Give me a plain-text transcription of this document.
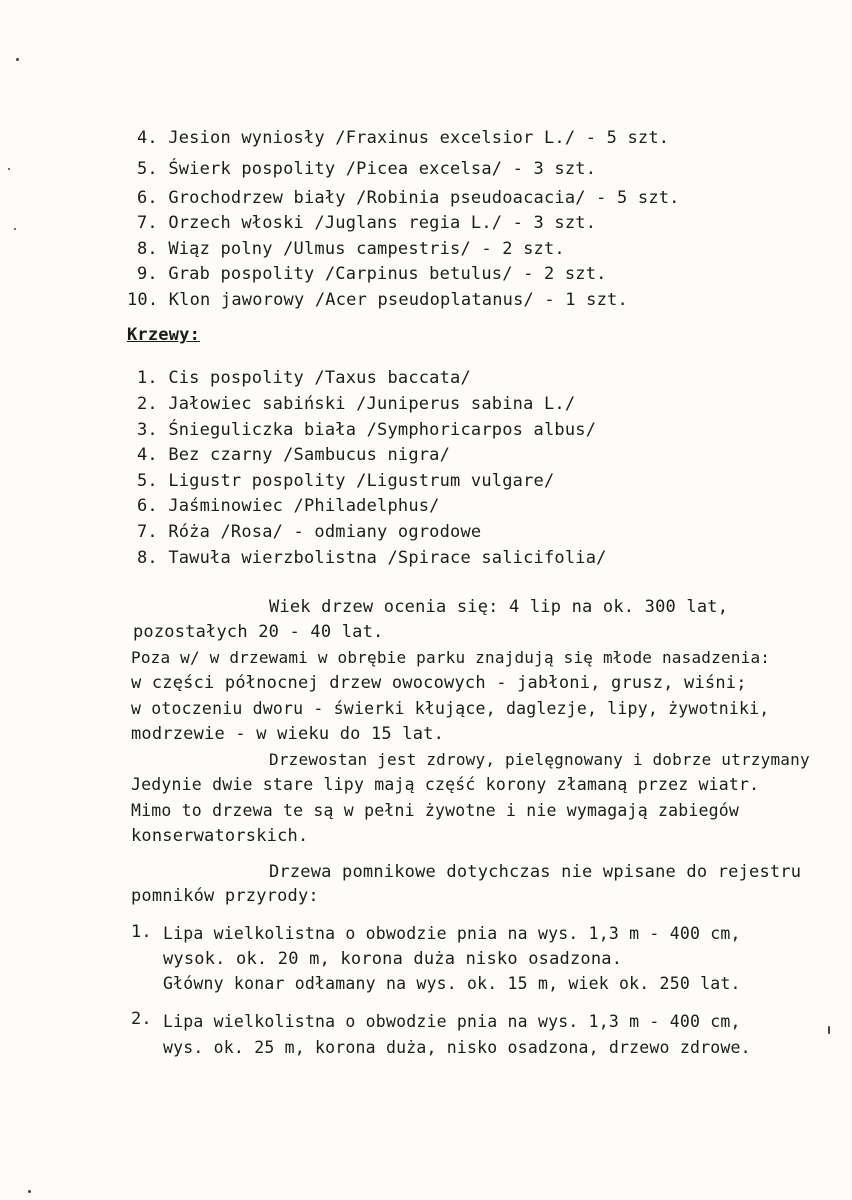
4. Jesion wyniosły /Fraxinus excelsior L./ - 5 szt.
5. Świerk pospolity /Picea excelsa/ - 3 szt.
6. Grochodrzew biały /Robinia pseudoacacia/ - 5 szt.
7. Orzech włoski /Juglans regia L./ - 3 szt.
8. Wiąz polny /Ulmus campestris/ - 2 szt.
9. Grab pospolity /Carpinus betulus/ - 2 szt.
10. Klon jaworowy /Acer pseudoplatanus/ - 1 szt.
Krzewy:
1. Cis pospolity /Taxus baccata/
2. Jałowiec sabiński /Juniperus sabina L./
3. Śnieguliczka biała /Symphoricarpos albus/
4. Bez czarny /Sambucus nigra/
5. Ligustr pospolity /Ligustrum vulgare/
6. Jaśminowiec /Philadelphus/
7. Róża /Rosa/ - odmiany ogrodowe
8. Tawuła wierzbolistna /Spirace salicifolia/
Wiek drzew ocenia się: 4 lip na ok. 300 lat,
pozostałych 20 - 40 lat.
Poza w/ w drzewami w obrębie parku znajdują się młode nasadzenia:
w części północnej drzew owocowych - jabłoni, grusz, wiśni;
w otoczeniu dworu - świerki kłujące, daglezje, lipy, żywotniki,
modrzewie - w wieku do 15 lat.
Drzewostan jest zdrowy, pielęgnowany i dobrze utrzymany
Jedynie dwie stare lipy mają część korony złamaną przez wiatr.
Mimo to drzewa te są w pełni żywotne i nie wymagają zabiegów
konserwatorskich.
Drzewa pomnikowe dotychczas nie wpisane do rejestru
pomników przyrody:
1. Lipa wielkolistna o obwodzie pnia na wys. 1,3 m - 400 cm,
wysok. ok. 20 m, korona duża nisko osadzona.
Główny konar odłamany na wys. ok. 15 m, wiek ok. 250 lat.
2. Lipa wielkolistna o obwodzie pnia na wys. 1,3 m - 400 cm,
wys. ok. 25 m, korona duża, nisko osadzona, drzewo zdrowe.
